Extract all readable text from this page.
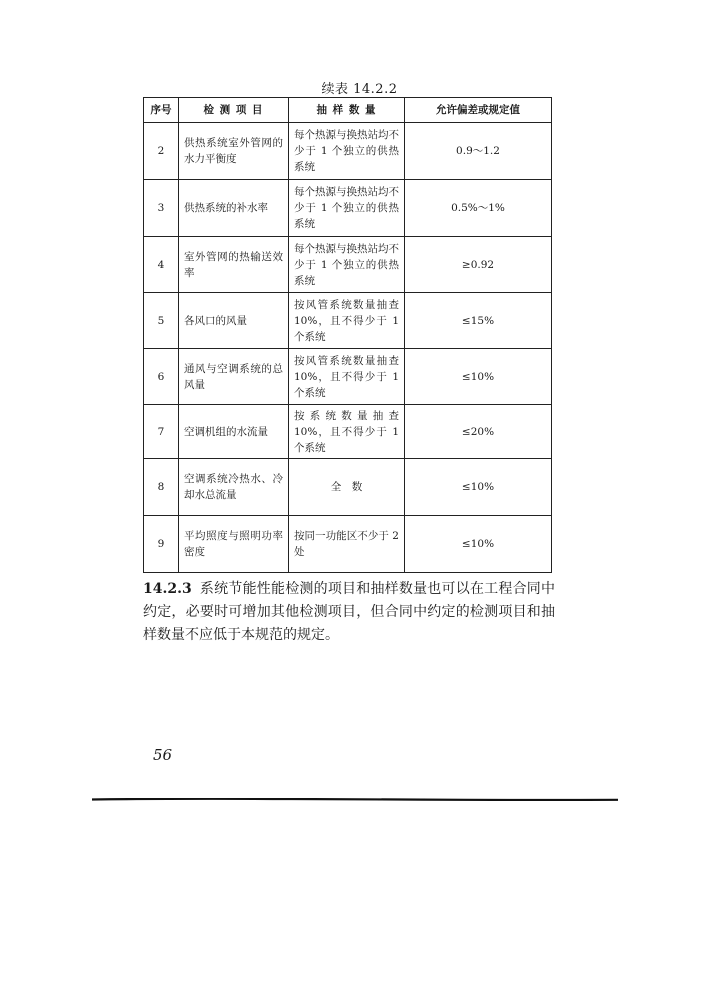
续表 14.2.2
序号	检 测 项 目	抽 样 数 量	允许偏差或规定值
2	供热系统室外管网的水力平衡度	每个热源与换热站均不少于 1 个独立的供热系统	0.9～1.2
3	供热系统的补水率	每个热源与换热站均不少于 1 个独立的供热系统	0.5%～1%
4	室外管网的热输送效率	每个热源与换热站均不少于 1 个独立的供热系统	≥0.92
5	各风口的风量	按风管系统数量抽查 10%，且不得少于 1 个系统	≤15%
6	通风与空调系统的总风量	按风管系统数量抽查 10%，且不得少于 1 个系统	≤10%
7	空调机组的水流量	按系统数量抽查 10%，且不得少于 1 个系统	≤20%
8	空调系统冷热水、冷却水总流量	全　数	≤10%
9	平均照度与照明功率密度	按同一功能区不少于 2 处	≤10%
14.2.3 系统节能性能检测的项目和抽样数量也可以在工程合同中约定，必要时可增加其他检测项目，但合同中约定的检测项目和抽样数量不应低于本规范的规定。
56
